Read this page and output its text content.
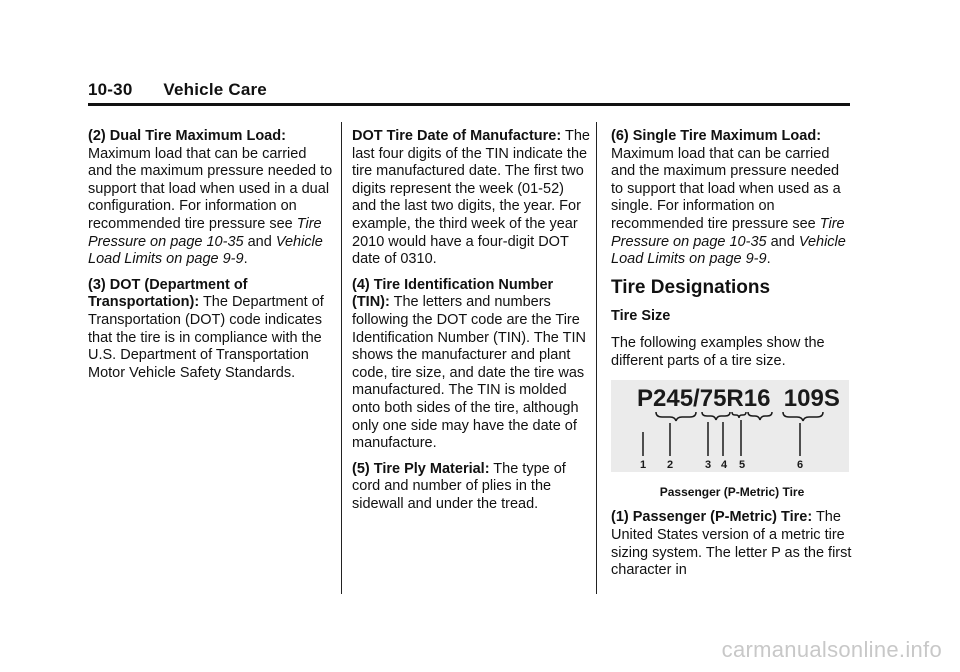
10-30 Vehicle Care

(2) Dual Tire Maximum Load: Maximum load that can be carried and the maximum pressure needed to support that load when used in a dual configuration. For information on recommended tire pressure see Tire Pressure on page 10‑35 and Vehicle Load Limits on page 9‑9.

(3) DOT (Department of Transportation): The Department of Transportation (DOT) code indicates that the tire is in compliance with the U.S. Department of Transportation Motor Vehicle Safety Standards.

DOT Tire Date of Manufacture: The last four digits of the TIN indicate the tire manufactured date. The first two digits represent the week (01‑52) and the last two digits, the year. For example, the third week of the year 2010 would have a four‑digit DOT date of 0310.

(4) Tire Identification Number (TIN): The letters and numbers following the DOT code are the Tire Identification Number (TIN). The TIN shows the manufacturer and plant code, tire size, and date the tire was manufactured. The TIN is molded onto both sides of the tire, although only one side may have the date of manufacture.

(5) Tire Ply Material: The type of cord and number of plies in the sidewall and under the tread.

(6) Single Tire Maximum Load: Maximum load that can be carried and the maximum pressure needed to support that load when used as a single. For information on recommended tire pressure see Tire Pressure on page 10‑35 and Vehicle Load Limits on page 9‑9.

Tire Designations
Tire Size

The following examples show the different parts of a tire size.

P245/75R16  109S
1 2	3 4 5	6

Passenger (P-Metric) Tire

(1) Passenger (P-Metric) Tire: The United States version of a metric tire sizing system. The letter P as the first character in

carmanualsonline.info
